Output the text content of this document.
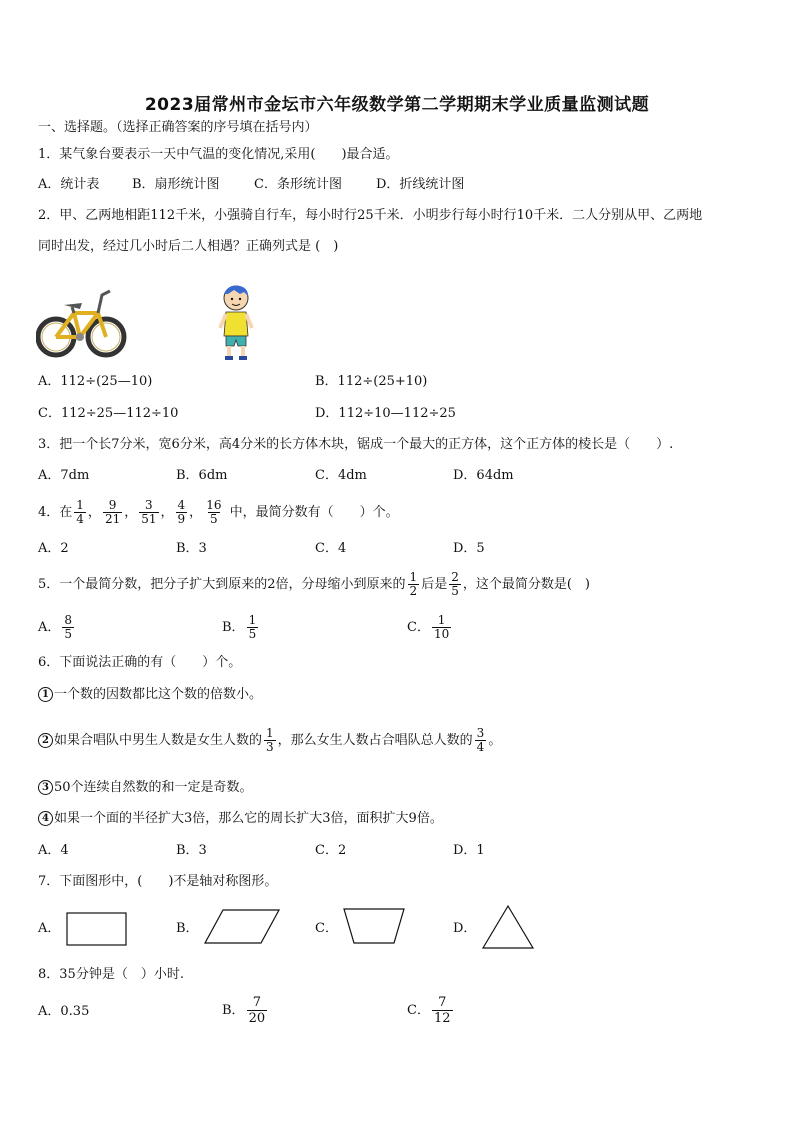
2023届常州市金坛市六年级数学第二学期期末学业质量监测试题
一、选择题。（选择正确答案的序号填在括号内）
1．某气象台要表示一天中气温的变化情况,采用(　　)最合适。
A．统计表	B．扇形统计图	C．条形统计图	D．折线统计图
2．甲、乙两地相距112千米，小强骑自行车，每小时行25千米．小明步行每小时行10千米．二人分别从甲、乙两地
同时出发，经过几小时后二人相遇？正确列式是 (　)
A．112÷(25—10)	B．112÷(25+10)
C．112÷25—112÷10	D．112÷10—112÷25
3．把一个长7分米，宽6分米，高4分米的长方体木块，锯成一个最大的正方体，这个正方体的棱长是（　　）.
A．7dm	B．6dm	C．4dm	D．64dm
4．在 $\frac{1}{4}$ ， $\frac{9}{21}$ ， $\frac{3}{51}$ ， $\frac{4}{9}$ ， $\frac{16}{5}$ 中，最简分数有（　　）个。
A．2	B．3	C．4	D．5
5．一个最简分数，把分子扩大到原来的2倍，分母缩小到原来的 $\frac{1}{2}$ 后是 $\frac{2}{5}$ ，这个最简分数是(　)
A． $\frac{8}{5}$	B． $\frac{1}{5}$	C． $\frac{1}{10}$
6．下面说法正确的有（　　）个。
1 一个数的因数都比这个数的倍数小。
2 如果合唱队中男生人数是女生人数的 $\frac{1}{3}$ ，那么女生人数占合唱队总人数的 $\frac{3}{4}$ 。
3 50个连续自然数的和一定是奇数。
4 如果一个面的半径扩大3倍，那么它的周长扩大3倍，面积扩大9倍。
A．4	B．3	C．2	D．1
7．下面图形中，(　　)不是轴对称图形。
A．	B．	C．	D．
8．35分钟是（　）小时.
A．0.35	B． $\frac{7}{20}$	C． $\frac{7}{12}$
